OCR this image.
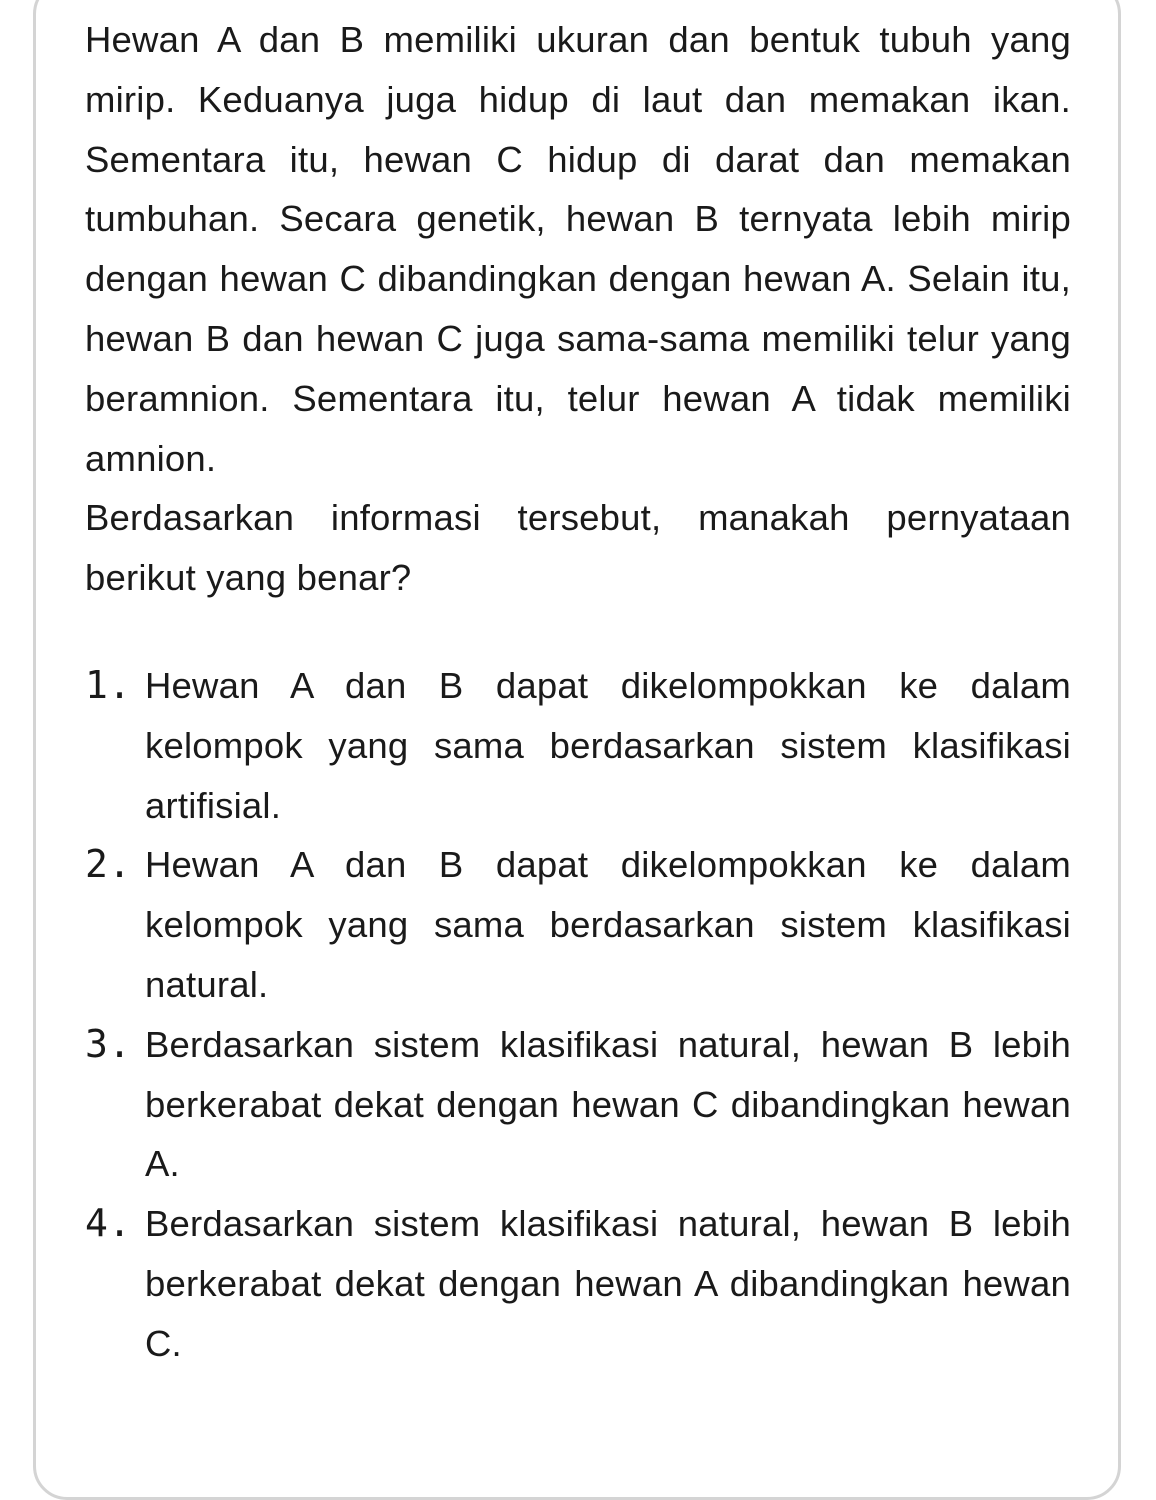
Hewan A dan B memiliki ukuran dan bentuk tubuh yang mirip. Keduanya juga hidup di laut dan memakan ikan. Sementara itu, hewan C hidup di darat dan memakan tumbuhan. Secara genetik, hewan B ternyata lebih mirip dengan hewan C dibandingkan dengan hewan A. Selain itu, hewan B dan hewan C juga sama-sama memiliki telur yang beramnion. Sementara itu, telur hewan A tidak memiliki amnion.

Berdasarkan informasi tersebut, manakah pernyataan berikut yang benar?

1. Hewan A dan B dapat dikelompokkan ke dalam kelompok yang sama berdasarkan sistem klasifikasi artifisial.
2. Hewan A dan B dapat dikelompokkan ke dalam kelompok yang sama berdasarkan sistem klasifikasi natural.
3. Berdasarkan sistem klasifikasi natural, hewan B lebih berkerabat dekat dengan hewan C dibandingkan hewan A.
4. Berdasarkan sistem klasifikasi natural, hewan B lebih berkerabat dekat dengan hewan A dibandingkan hewan C.
